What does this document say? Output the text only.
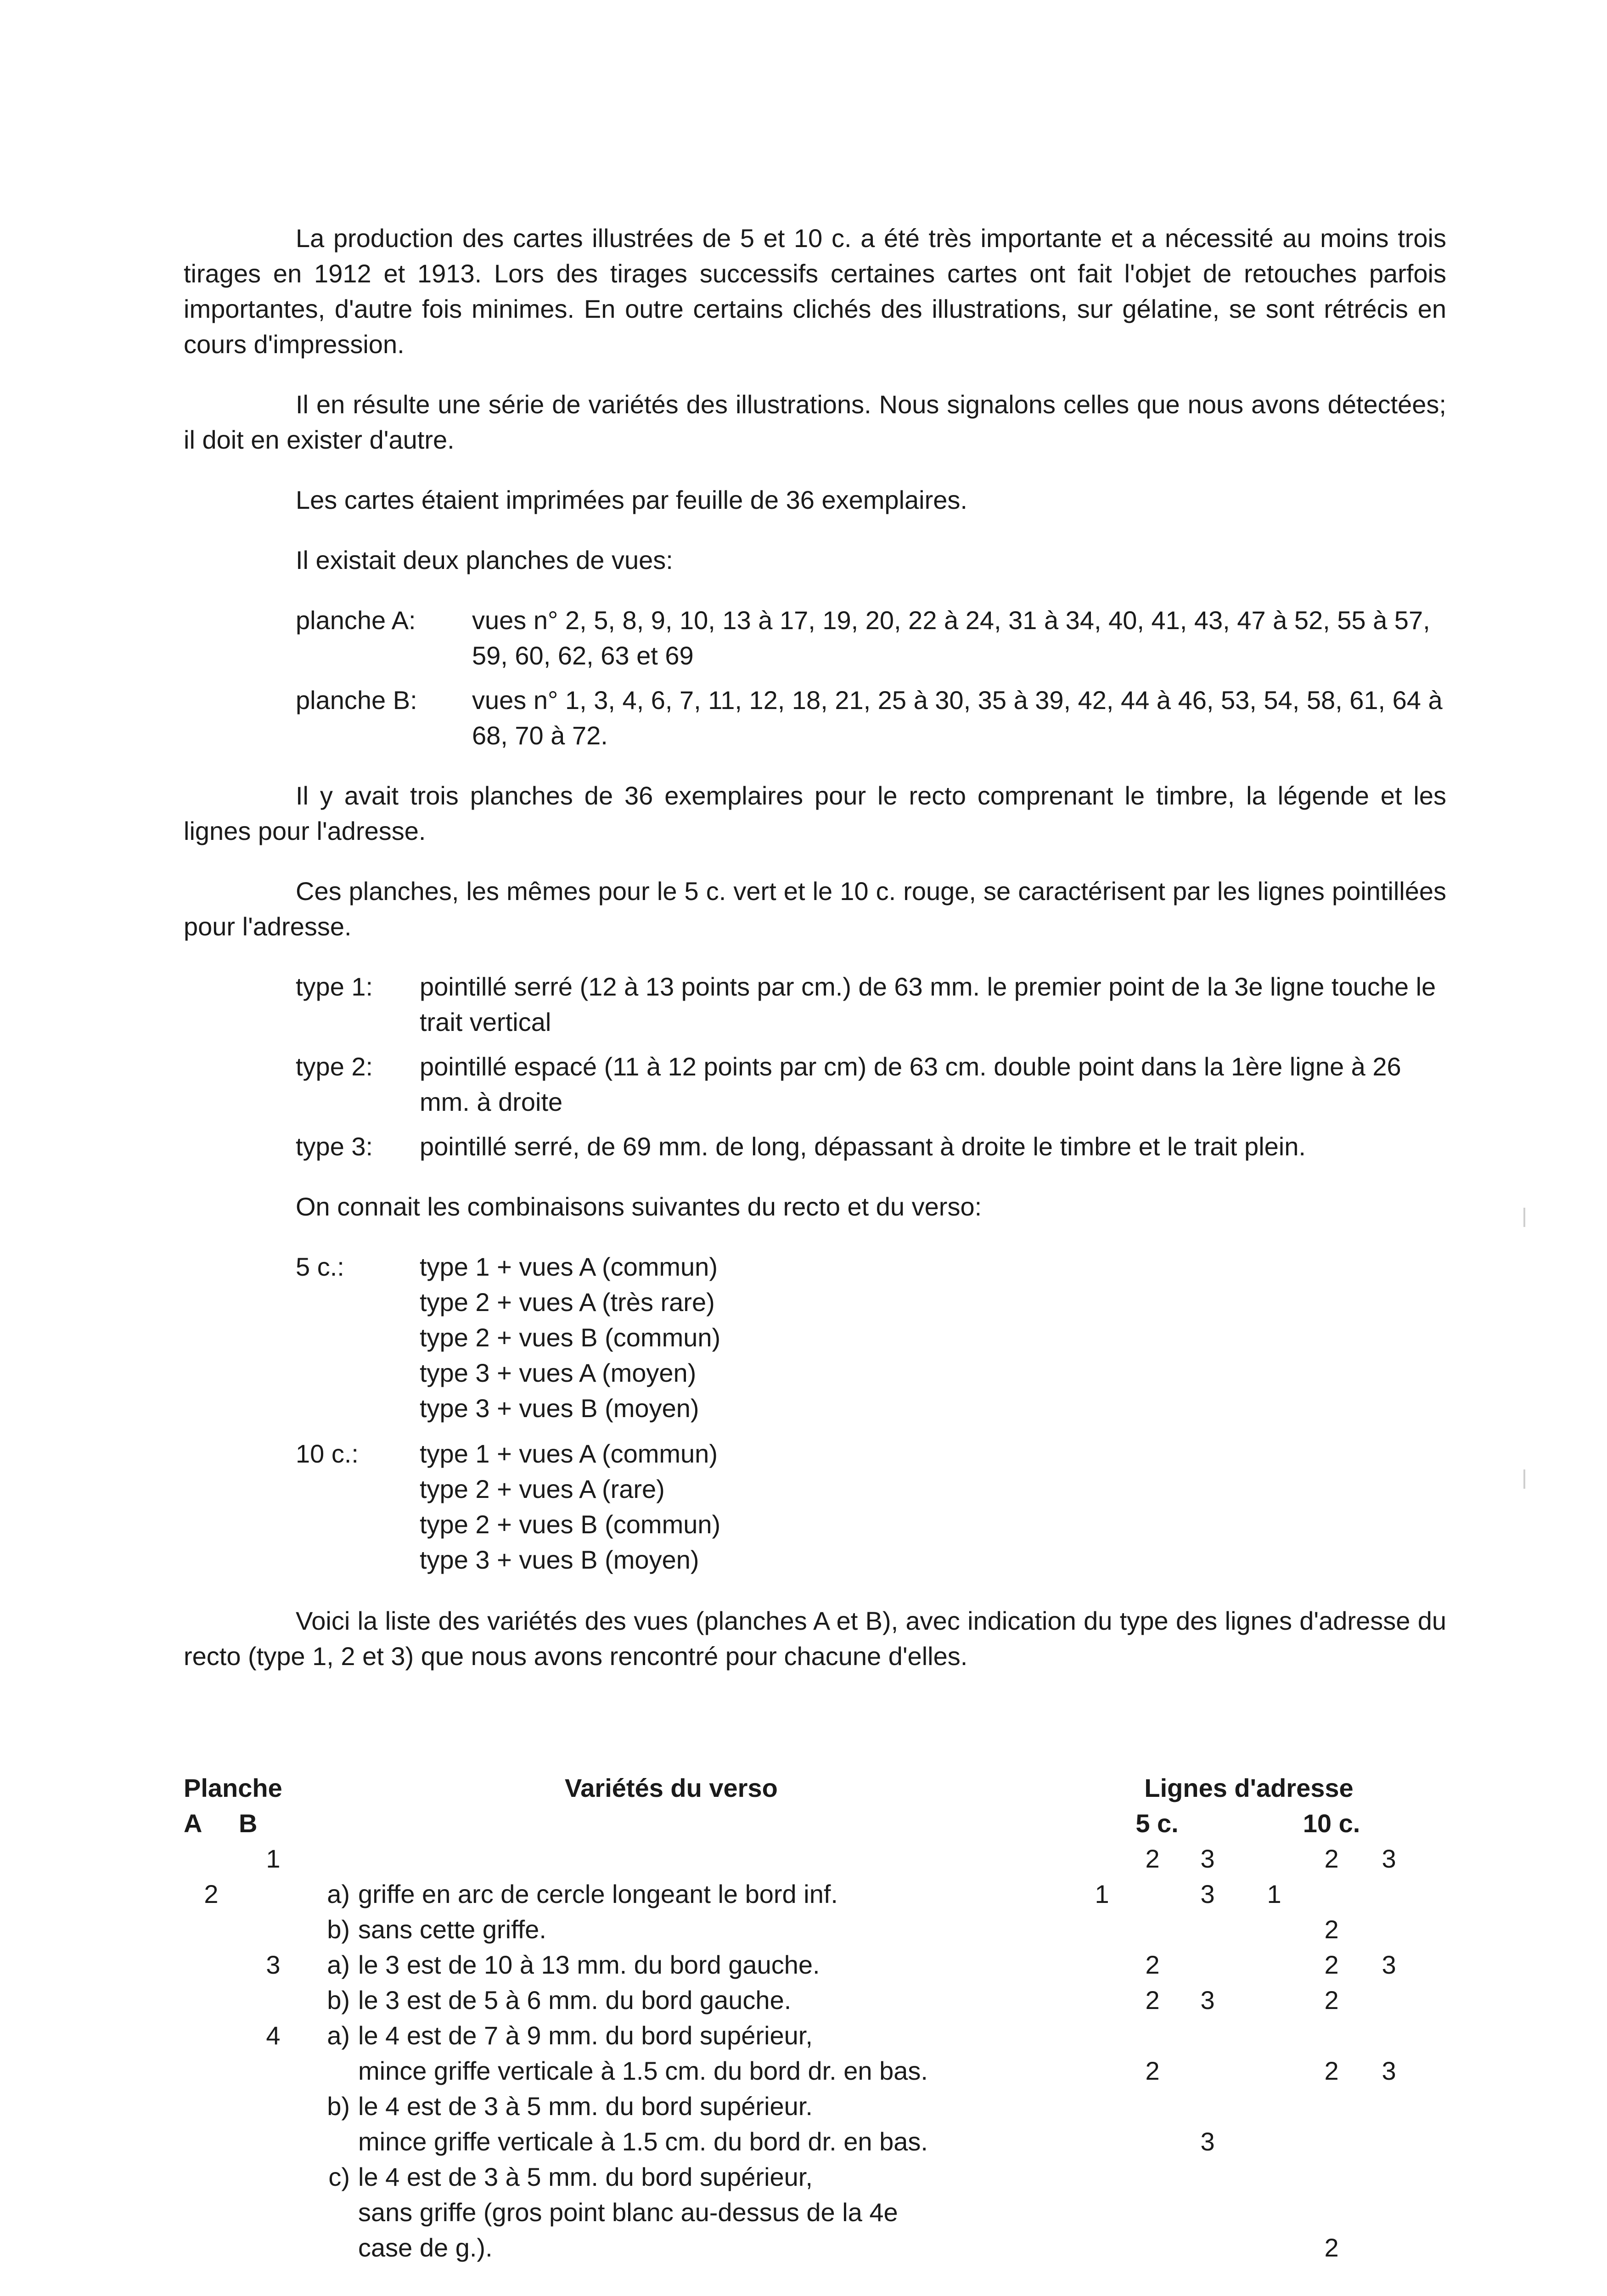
La production des cartes illustrées de 5 et 10 c. a été très importante et a nécessité au moins trois tirages en 1912 et 1913. Lors des tirages successifs certaines cartes ont fait l'objet de retouches parfois importantes, d'autre fois minimes. En outre certains clichés des illustrations, sur gélatine, se sont rétrécis en cours d'impression.

Il en résulte une série de variétés des illustrations. Nous signalons celles que nous avons détectées; il doit en exister d'autre.

Les cartes étaient imprimées par feuille de 36 exemplaires.

Il existait deux planches de vues:

planche A:	vues n° 2, 5, 8, 9, 10, 13 à 17, 19, 20, 22 à 24, 31 à 34, 40, 41, 43, 47 à 52, 55 à 57, 59, 60, 62, 63 et 69
planche B:	vues n° 1, 3, 4, 6, 7, 11, 12, 18, 21, 25 à 30, 35 à 39, 42, 44 à 46, 53, 54, 58, 61, 64 à 68, 70 à 72.

Il y avait trois planches de 36 exemplaires pour le recto comprenant le timbre, la légende et les lignes pour l'adresse.

Ces planches, les mêmes pour le 5 c. vert et le 10 c. rouge, se caractérisent par les lignes pointillées pour l'adresse.

type 1:	pointillé serré (12 à 13 points par cm.) de 63 mm. le premier point de la 3e ligne touche le trait vertical
type 2:	pointillé espacé (11 à 12 points par cm) de 63 cm. double point dans la 1ère ligne à 26 mm. à droite
type 3:	pointillé serré, de 69 mm. de long, dépassant à droite le timbre et le trait plein.

On connait les combinaisons suivantes du recto et du verso:

5 c.:	type 1 + vues A (commun)
type 2 + vues A (très rare)
type 2 + vues B (commun)
type 3 + vues A (moyen)
type 3 + vues B (moyen)
10 c.:	type 1 + vues A (commun)
type 2 + vues A (rare)
type 2 + vues B (commun)
type 3 + vues B (moyen)

Voici la liste des variétés des vues (planches A et B), avec indication du type des lignes d'adresse du recto (type 1, 2 et 3) que nous avons rencontré pour chacune d'elles.

Planche		Variétés du verso		Lignes d'adresse					
A	B			5 c.			10 c.		
	1				2	3		2	3
2		a)	griffe en arc de cercle longeant le bord inf.	1		3	1		
		b)	sans cette griffe.					2	
	3	a)	le 3 est de 10 à 13 mm. du bord gauche.		2			2	3
		b)	le 3 est de 5 à 6 mm. du bord gauche.		2	3		2	
	4	a)	le 4 est de 7 à 9 mm. du bord supérieur,						
			mince griffe verticale à 1.5 cm. du bord dr. en bas.		2			2	3
		b)	le 4 est de 3 à 5 mm. du bord supérieur.						
			mince griffe verticale à 1.5 cm. du bord dr. en bas.			3			
		c)	le 4 est de 3 à 5 mm. du bord supérieur,						
			sans griffe (gros point blanc au-dessus de la 4e						
			case de g.).					2	
